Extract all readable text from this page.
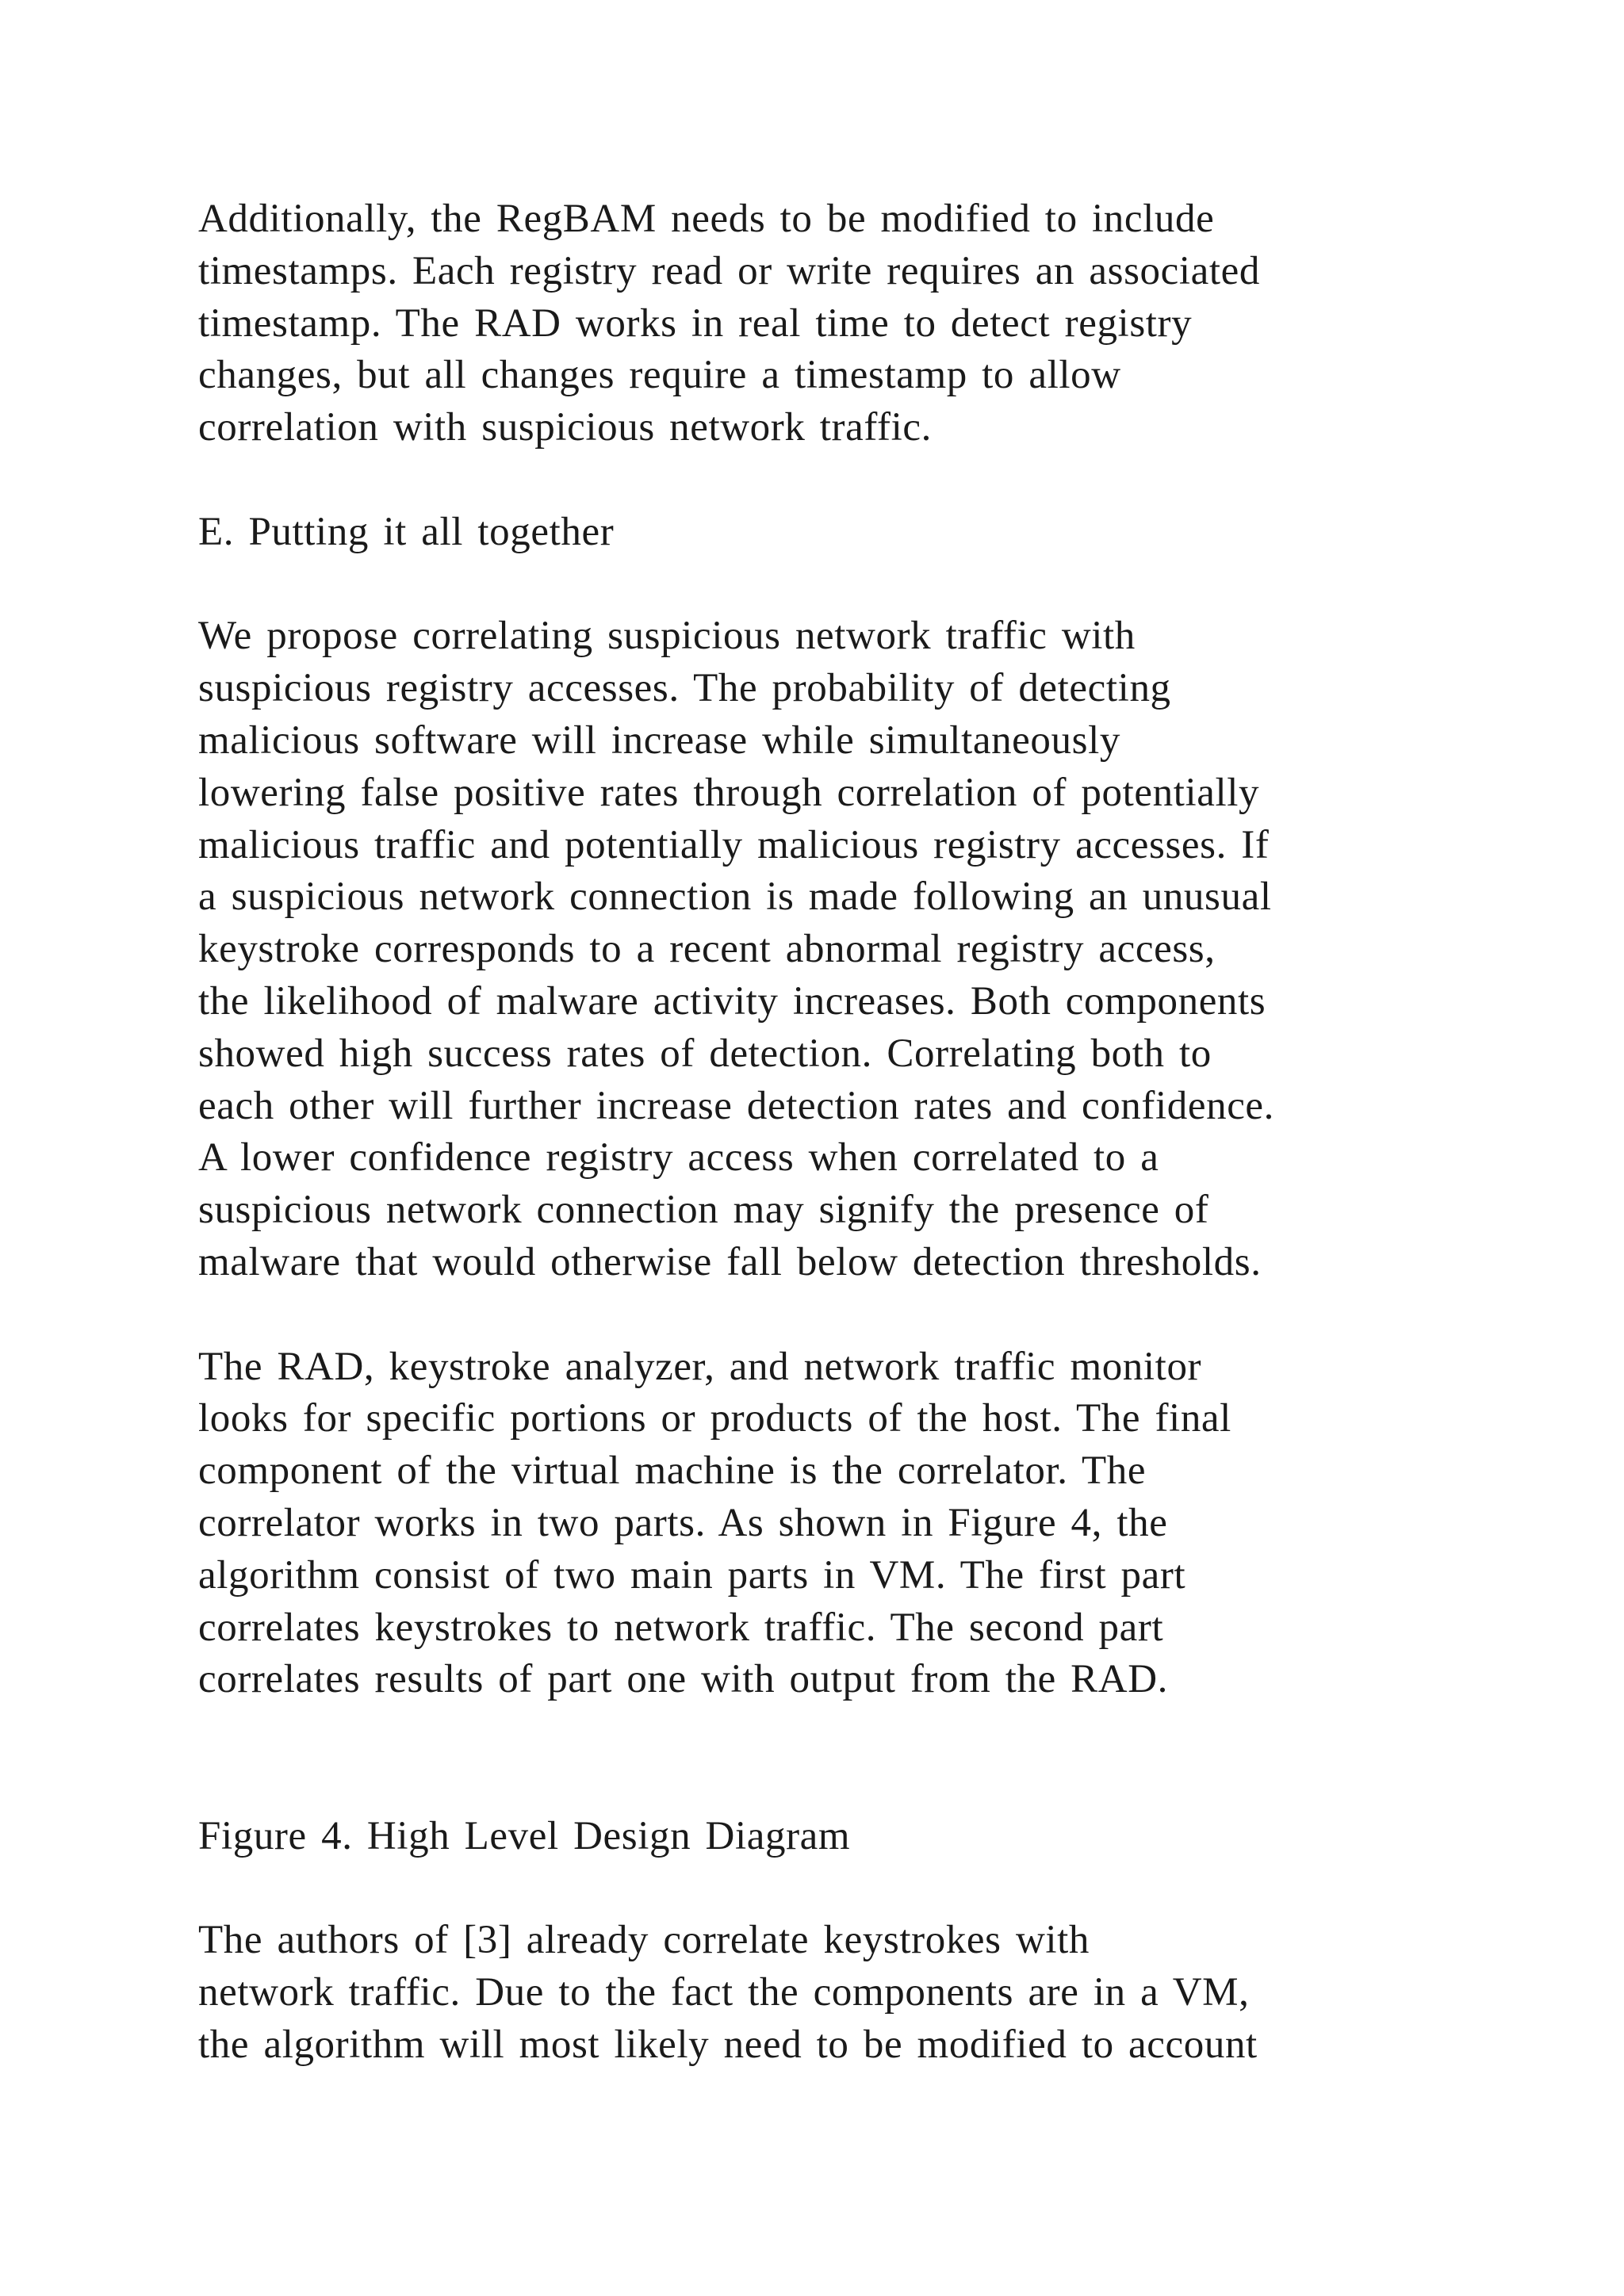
Additionally, the RegBAM needs to be modified to include
timestamps. Each registry read or write requires an associated
timestamp. The RAD works in real time to detect registry
changes, but all changes require a timestamp to allow
correlation with suspicious network traffic.
E. Putting it all together
We propose correlating suspicious network traffic with
suspicious registry accesses. The probability of detecting
malicious software will increase while simultaneously
lowering false positive rates through correlation of potentially
malicious traffic and potentially malicious registry accesses. If
a suspicious network connection is made following an unusual
keystroke corresponds to a recent abnormal registry access,
the likelihood of malware activity increases. Both components
showed high success rates of detection. Correlating both to
each other will further increase detection rates and confidence.
A lower confidence registry access when correlated to a
suspicious network connection may signify the presence of
malware that would otherwise fall below detection thresholds.
The RAD, keystroke analyzer, and network traffic monitor
looks for specific portions or products of the host. The final
component of the virtual machine is the correlator. The
correlator works in two parts. As shown in Figure 4, the
algorithm consist of two main parts in VM. The first part
correlates keystrokes to network traffic. The second part
correlates results of part one with output from the RAD.
Figure 4. High Level Design Diagram
The authors of [3] already correlate keystrokes with
network traffic. Due to the fact the components are in a VM,
the algorithm will most likely need to be modified to account
